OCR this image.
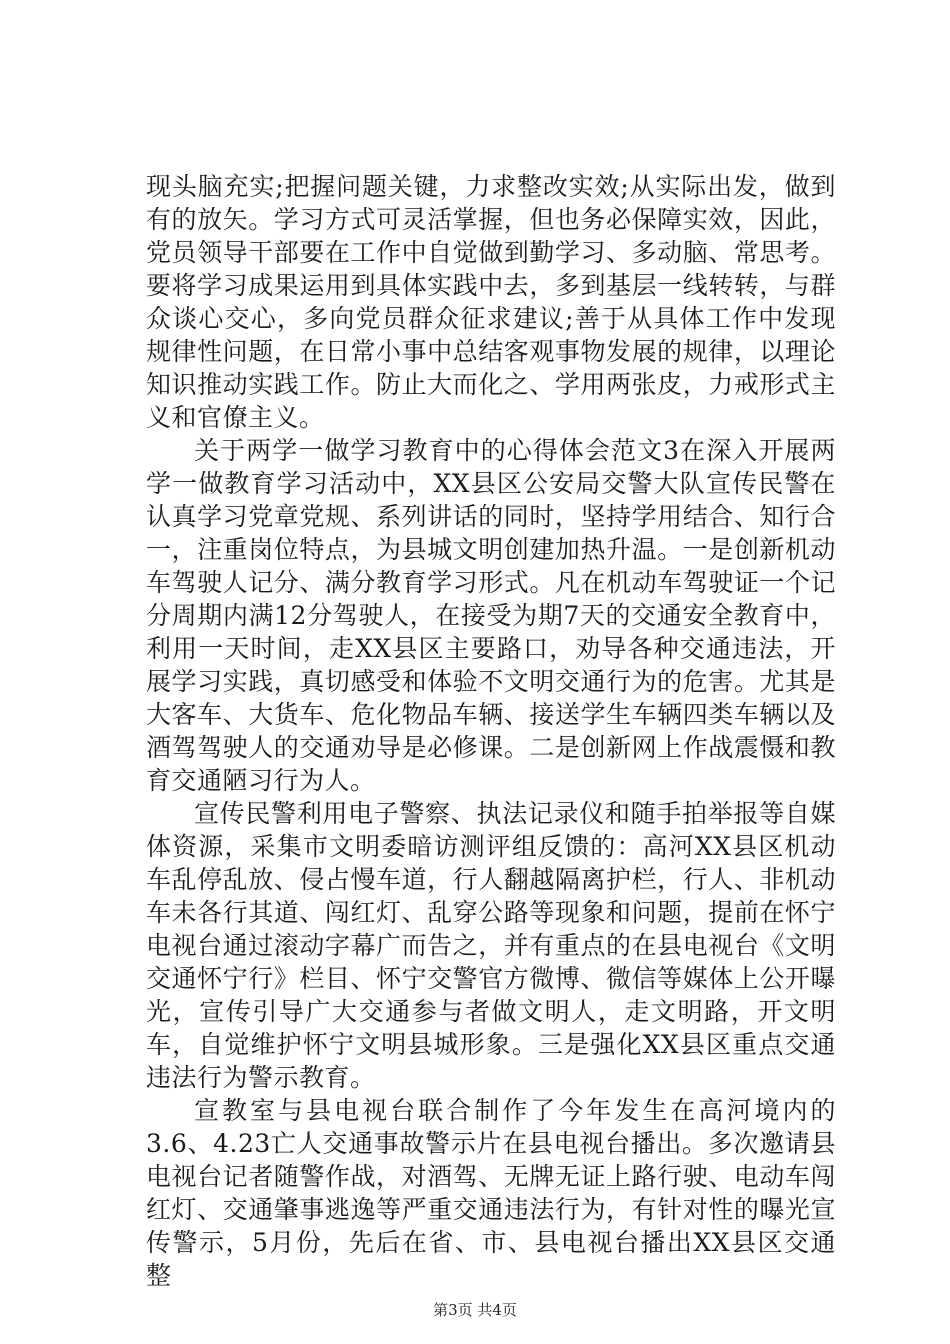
现头脑充实;把握问题关键，力求整改实效;从实际出发，做到有的放矢。学习方式可灵活掌握，但也务必保障实效，因此，党员领导干部要在工作中自觉做到勤学习、多动脑、常思考。要将学习成果运用到具体实践中去，多到基层一线转转，与群众谈心交心，多向党员群众征求建议;善于从具体工作中发现规律性问题，在日常小事中总结客观事物发展的规律，以理论知识推动实践工作。防止大而化之、学用两张皮，力戒形式主义和官僚主义。

关于两学一做学习教育中的心得体会范文3在深入开展两学一做教育学习活动中，XX县区公安局交警大队宣传民警在认真学习党章党规、系列讲话的同时，坚持学用结合、知行合一，注重岗位特点，为县城文明创建加热升温。一是创新机动车驾驶人记分、满分教育学习形式。凡在机动车驾驶证一个记分周期内满12分驾驶人，在接受为期7天的交通安全教育中，利用一天时间，走XX县区主要路口，劝导各种交通违法，开展学习实践，真切感受和体验不文明交通行为的危害。尤其是大客车、大货车、危化物品车辆、接送学生车辆四类车辆以及酒驾驾驶人的交通劝导是必修课。二是创新网上作战震慑和教育交通陋习行为人。

宣传民警利用电子警察、执法记录仪和随手拍举报等自媒体资源，采集市文明委暗访测评组反馈的：高河XX县区机动车乱停乱放、侵占慢车道，行人翻越隔离护栏，行人、非机动车未各行其道、闯红灯、乱穿公路等现象和问题，提前在怀宁电视台通过滚动字幕广而告之，并有重点的在县电视台《文明交通怀宁行》栏目、怀宁交警官方微博、微信等媒体上公开曝光，宣传引导广大交通参与者做文明人，走文明路，开文明车，自觉维护怀宁文明县城形象。三是强化XX县区重点交通违法行为警示教育。

宣教室与县电视台联合制作了今年发生在高河境内的3.6、4.23亡人交通事故警示片在县电视台播出。多次邀请县电视台记者随警作战，对酒驾、无牌无证上路行驶、电动车闯红灯、交通肇事逃逸等严重交通违法行为，有针对性的曝光宣传警示，5月份，先后在省、市、县电视台播出XX县区交通整

第3页 共4页
